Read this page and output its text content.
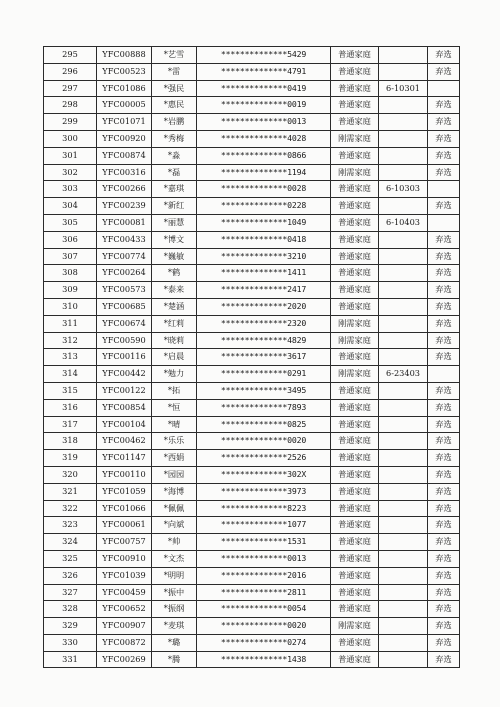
295	YFC00888	*艺雪	**************5429	普通家庭		弃选
296	YFC00523	*雷	**************4791	普通家庭		弃选
297	YFC01086	*强民	**************0419	普通家庭	6-10301	
298	YFC00005	*惠民	**************0019	普通家庭		弃选
299	YFC01071	*岩鹏	**************0013	普通家庭		弃选
300	YFC00920	*秀梅	**************4028	刚需家庭		弃选
301	YFC00874	*淼	**************0866	普通家庭		弃选
302	YFC00316	*磊	**************1194	刚需家庭		弃选
303	YFC00266	*嘉琪	**************0028	普通家庭	6-10303	
304	YFC00239	*新红	**************0228	普通家庭		弃选
305	YFC00081	*丽慧	**************1049	普通家庭	6-10403	
306	YFC00433	*博文	**************0418	普通家庭		弃选
307	YFC00774	*巍敏	**************3210	普通家庭		弃选
308	YFC00264	*鹤	**************1411	普通家庭		弃选
309	YFC00573	*泰来	**************2417	普通家庭		弃选
310	YFC00685	*楚涵	**************2020	普通家庭		弃选
311	YFC00674	*红莉	**************2320	刚需家庭		弃选
312	YFC00590	*晓莉	**************4829	刚需家庭		弃选
313	YFC00116	*启晨	**************3617	普通家庭		弃选
314	YFC00442	*勉力	**************0291	刚需家庭	6-23403	
315	YFC00122	*拓	**************3495	普通家庭		弃选
316	YFC00854	*恒	**************7893	普通家庭		弃选
317	YFC00104	*晴	**************0825	普通家庭		弃选
318	YFC00462	*乐乐	**************0020	普通家庭		弃选
319	YFC01147	*西娟	**************2526	普通家庭		弃选
320	YFC00110	*园园	**************302X	普通家庭		弃选
321	YFC01059	*海博	**************3973	普通家庭		弃选
322	YFC01066	*佩佩	**************8223	普通家庭		弃选
323	YFC00061	*向斌	**************1077	普通家庭		弃选
324	YFC00757	*帅	**************1531	普通家庭		弃选
325	YFC00910	*文杰	**************0013	普通家庭		弃选
326	YFC01039	*明明	**************2016	普通家庭		弃选
327	YFC00459	*振中	**************2811	普通家庭		弃选
328	YFC00652	*振纲	**************0054	普通家庭		弃选
329	YFC00907	*麦琪	**************0020	刚需家庭		弃选
330	YFC00872	*璐	**************0274	普通家庭		弃选
331	YFC00269	*腾	**************1438	普通家庭		弃选
